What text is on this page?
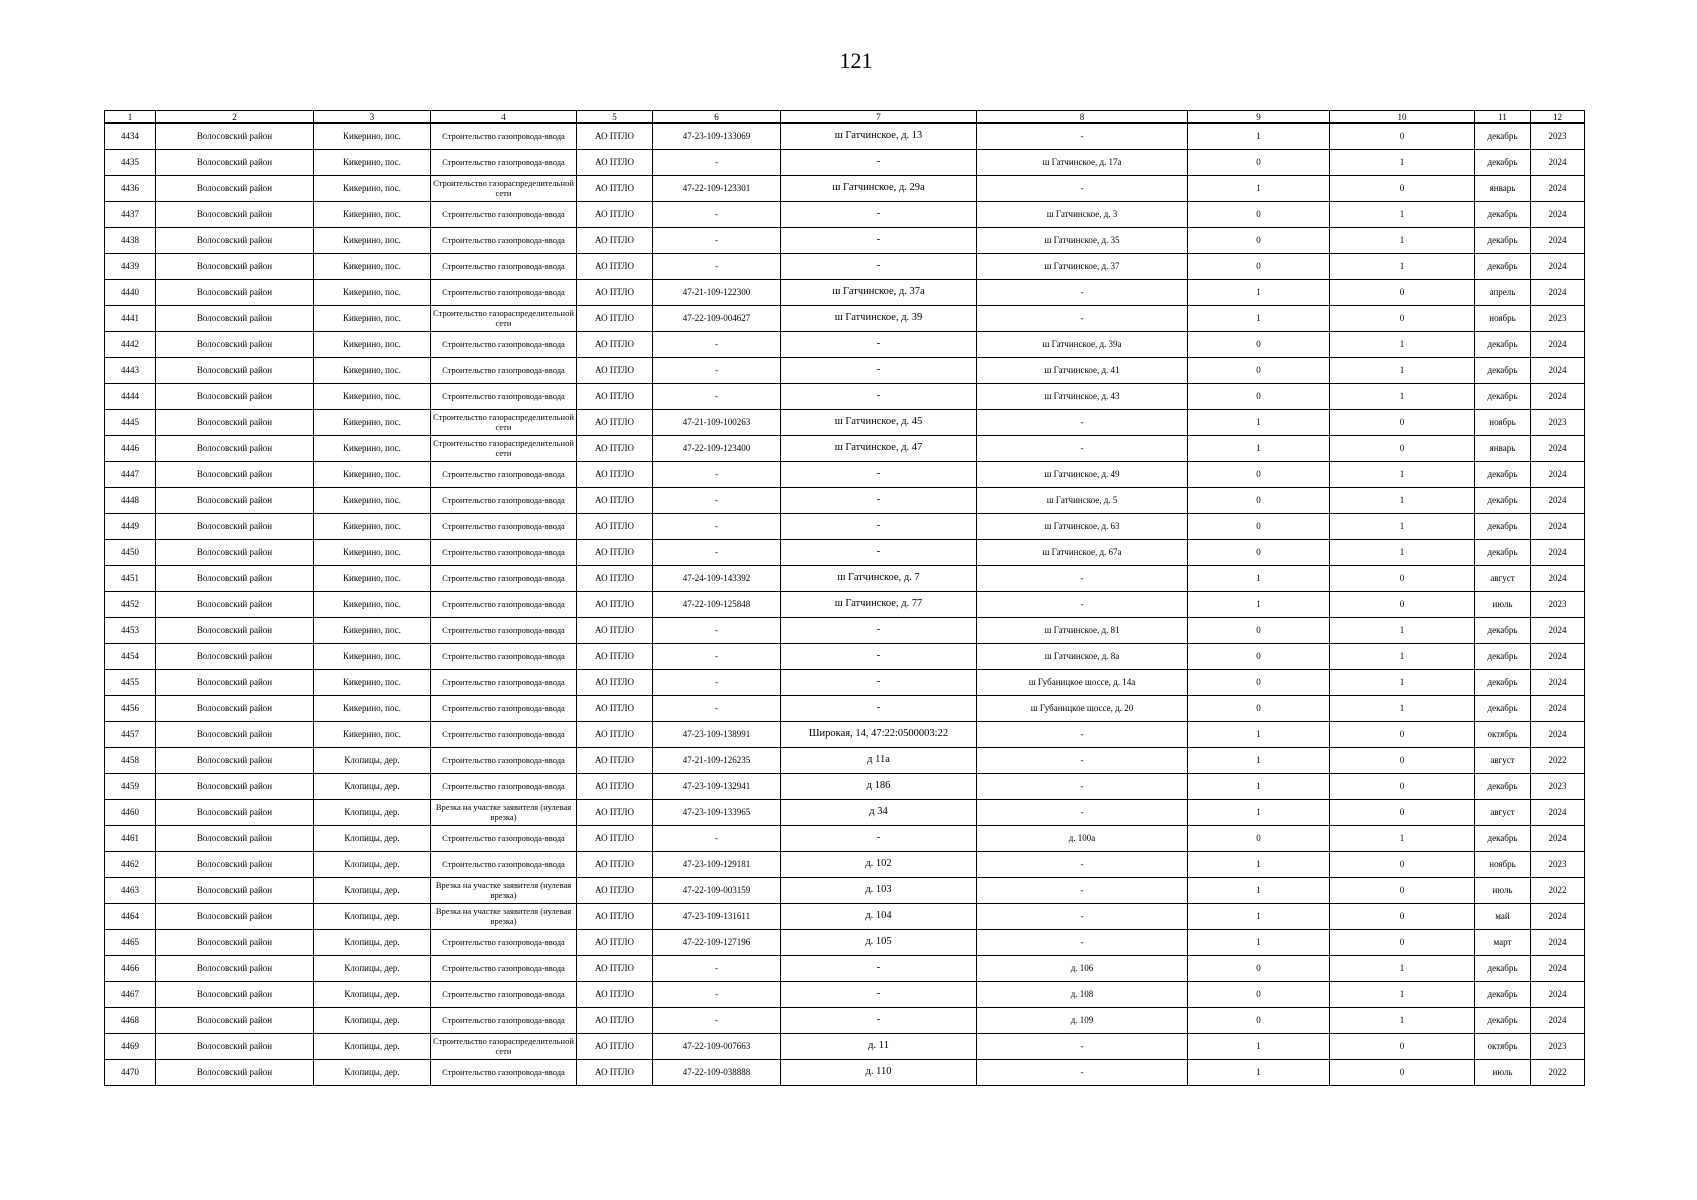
121
1	2	3	4	5	6	7	8	9	10	11	12
4434	Волосовский район	Кикерино, пос.	Строительство газопровода-ввода	АО ПТЛО	47-23-109-133069	ш Гатчинское, д. 13	-	1	0	декабрь	2023
4435	Волосовский район	Кикерино, пос.	Строительство газопровода-ввода	АО ПТЛО	-	-	ш Гатчинское, д. 17а	0	1	декабрь	2024
4436	Волосовский район	Кикерино, пос.	Строительство газораспределительной сети	АО ПТЛО	47-22-109-123301	ш Гатчинское, д. 29а	-	1	0	январь	2024
4437	Волосовский район	Кикерино, пос.	Строительство газопровода-ввода	АО ПТЛО	-	-	ш Гатчинское, д. 3	0	1	декабрь	2024
4438	Волосовский район	Кикерино, пос.	Строительство газопровода-ввода	АО ПТЛО	-	-	ш Гатчинское, д. 35	0	1	декабрь	2024
4439	Волосовский район	Кикерино, пос.	Строительство газопровода-ввода	АО ПТЛО	-	-	ш Гатчинское, д. 37	0	1	декабрь	2024
4440	Волосовский район	Кикерино, пос.	Строительство газопровода-ввода	АО ПТЛО	47-21-109-122300	ш Гатчинское, д. 37а	-	1	0	апрель	2024
4441	Волосовский район	Кикерино, пос.	Строительство газораспределительной сети	АО ПТЛО	47-22-109-004627	ш Гатчинское, д. 39	-	1	0	ноябрь	2023
4442	Волосовский район	Кикерино, пос.	Строительство газопровода-ввода	АО ПТЛО	-	-	ш Гатчинское, д. 39а	0	1	декабрь	2024
4443	Волосовский район	Кикерино, пос.	Строительство газопровода-ввода	АО ПТЛО	-	-	ш Гатчинское, д. 41	0	1	декабрь	2024
4444	Волосовский район	Кикерино, пос.	Строительство газопровода-ввода	АО ПТЛО	-	-	ш Гатчинское, д. 43	0	1	декабрь	2024
4445	Волосовский район	Кикерино, пос.	Строительство газораспределительной сети	АО ПТЛО	47-21-109-100263	ш Гатчинское, д. 45	-	1	0	ноябрь	2023
4446	Волосовский район	Кикерино, пос.	Строительство газораспределительной сети	АО ПТЛО	47-22-109-123400	ш Гатчинское, д. 47	-	1	0	январь	2024
4447	Волосовский район	Кикерино, пос.	Строительство газопровода-ввода	АО ПТЛО	-	-	ш Гатчинское, д. 49	0	1	декабрь	2024
4448	Волосовский район	Кикерино, пос.	Строительство газопровода-ввода	АО ПТЛО	-	-	ш Гатчинское, д. 5	0	1	декабрь	2024
4449	Волосовский район	Кикерино, пос.	Строительство газопровода-ввода	АО ПТЛО	-	-	ш Гатчинское, д. 63	0	1	декабрь	2024
4450	Волосовский район	Кикерино, пос.	Строительство газопровода-ввода	АО ПТЛО	-	-	ш Гатчинское, д. 67а	0	1	декабрь	2024
4451	Волосовский район	Кикерино, пос.	Строительство газопровода-ввода	АО ПТЛО	47-24-109-143392	ш Гатчинское, д. 7	-	1	0	август	2024
4452	Волосовский район	Кикерино, пос.	Строительство газопровода-ввода	АО ПТЛО	47-22-109-125848	ш Гатчинское, д. 77	-	1	0	июль	2023
4453	Волосовский район	Кикерино, пос.	Строительство газопровода-ввода	АО ПТЛО	-	-	ш Гатчинское, д. 81	0	1	декабрь	2024
4454	Волосовский район	Кикерино, пос.	Строительство газопровода-ввода	АО ПТЛО	-	-	ш Гатчинское, д. 8а	0	1	декабрь	2024
4455	Волосовский район	Кикерино, пос.	Строительство газопровода-ввода	АО ПТЛО	-	-	ш Губаницкое шоссе, д. 14а	0	1	декабрь	2024
4456	Волосовский район	Кикерино, пос.	Строительство газопровода-ввода	АО ПТЛО	-	-	ш Губаницкое шоссе, д. 20	0	1	декабрь	2024
4457	Волосовский район	Кикерино, пос.	Строительство газопровода-ввода	АО ПТЛО	47-23-109-138991	Широкая, 14, 47:22:0500003:22	-	1	0	октябрь	2024
4458	Волосовский район	Клопицы, дер.	Строительство газопровода-ввода	АО ПТЛО	47-21-109-126235	д 11а	-	1	0	август	2022
4459	Волосовский район	Клопицы, дер.	Строительство газопровода-ввода	АО ПТЛО	47-23-109-132941	д 186	-	1	0	декабрь	2023
4460	Волосовский район	Клопицы, дер.	Врезка на участке заявителя (нулевая врезка)	АО ПТЛО	47-23-109-133965	д 34	-	1	0	август	2024
4461	Волосовский район	Клопицы, дер.	Строительство газопровода-ввода	АО ПТЛО	-	-	д. 100а	0	1	декабрь	2024
4462	Волосовский район	Клопицы, дер.	Строительство газопровода-ввода	АО ПТЛО	47-23-109-129181	д. 102	-	1	0	ноябрь	2023
4463	Волосовский район	Клопицы, дер.	Врезка на участке заявителя (нулевая врезка)	АО ПТЛО	47-22-109-003159	д. 103	-	1	0	июль	2022
4464	Волосовский район	Клопицы, дер.	Врезка на участке заявителя (нулевая врезка)	АО ПТЛО	47-23-109-131611	д. 104	-	1	0	май	2024
4465	Волосовский район	Клопицы, дер.	Строительство газопровода-ввода	АО ПТЛО	47-22-109-127196	д. 105	-	1	0	март	2024
4466	Волосовский район	Клопицы, дер.	Строительство газопровода-ввода	АО ПТЛО	-	-	д. 106	0	1	декабрь	2024
4467	Волосовский район	Клопицы, дер.	Строительство газопровода-ввода	АО ПТЛО	-	-	д. 108	0	1	декабрь	2024
4468	Волосовский район	Клопицы, дер.	Строительство газопровода-ввода	АО ПТЛО	-	-	д. 109	0	1	декабрь	2024
4469	Волосовский район	Клопицы, дер.	Строительство газораспределительной сети	АО ПТЛО	47-22-109-007663	д. 11	-	1	0	октябрь	2023
4470	Волосовский район	Клопицы, дер.	Строительство газопровода-ввода	АО ПТЛО	47-22-109-038888	д. 110	-	1	0	июль	2022
